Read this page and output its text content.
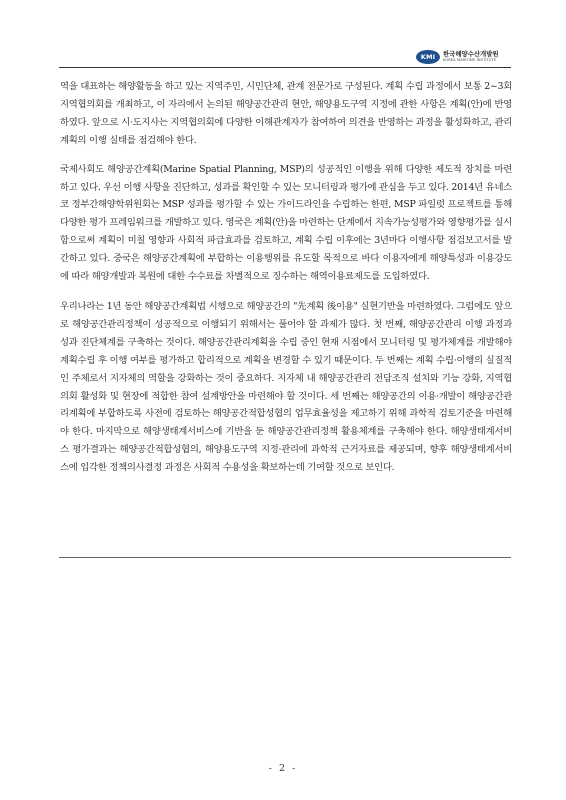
KMI	한국해양수산개발원
KOREA MARITIME INSTITUTE

역을 대표하는 해양활동을 하고 있는 지역주민, 시민단체, 관계 전문가로 구성된다. 계획 수립 과정에서 보통 2~3회 지역협의회를 개최하고, 이 자리에서 논의된 해양공간관리 현안, 해양용도구역 지정에 관한 사항은 계획(안)에 반영하였다. 앞으로 시·도지사는 지역협의회에 다양한 이해관계자가 참여하여 의견을 반영하는 과정을 활성화하고, 관리계획의 이행 실태를 점검해야 한다.

국제사회도 해양공간계획(Marine Spatial Planning, MSP)의 성공적인 이행을 위해 다양한 제도적 장치를 마련하고 있다. 우선 이행 사항을 진단하고, 성과를 확인할 수 있는 모니터링과 평가에 관심을 두고 있다. 2014년 유네스코 정부간해양학위원회는 MSP 성과를 평가할 수 있는 가이드라인을 수립하는 한편, MSP 파일럿 프로젝트를 통해 다양한 평가 프레임워크를 개발하고 있다. 영국은 계획(안)을 마련하는 단계에서 지속가능성평가와 영향평가를 실시함으로써 계획이 미칠 영향과 사회적 파급효과를 검토하고, 계획 수립 이후에는 3년마다 이행사항 점검보고서를 발간하고 있다. 중국은 해양공간계획에 부합하는 이용행위를 유도할 목적으로 바다 이용자에게 해양특성과 이용강도에 따라 해양개발과 복원에 대한 수수료를 차별적으로 징수하는 해역이용료제도를 도입하였다.

우리나라는 1년 동안 해양공간계획법 시행으로 해양공간의 "先계획 後이용" 실현기반을 마련하였다. 그럼에도 앞으로 해양공간관리정책이 성공적으로 이행되기 위해서는 풀어야 할 과제가 많다. 첫 번째, 해양공간관리 이행 과정과 성과 진단체계를 구축하는 것이다. 해양공간관리계획을 수립 중인 현재 시점에서 모니터링 및 평가체계를 개발해야 계획수립 후 이행 여부를 평가하고 합리적으로 계획을 변경할 수 있기 때문이다. 두 번째는 계획 수립·이행의 실질적인 주체로서 지자체의 역할을 강화하는 것이 중요하다. 지자체 내 해양공간관리 전담조직 설치와 기능 강화, 지역협의회 활성화 및 현장에 적합한 참여 설계방안을 마련해야 할 것이다. 세 번째는 해양공간의 이용·개발이 해양공간관리계획에 부합하도록 사전에 검토하는 해양공간적합성협의 업무효율성을 제고하기 위해 과학적 검토기준을 마련해야 한다. 마지막으로 해양생태계서비스에 기반을 둔 해양공간관리정책 활용체계를 구축해야 한다. 해양생태계서비스 평가결과는 해양공간적합성협의, 해양용도구역 지정·관리에 과학적 근거자료를 제공되며, 향후 해양생태계서비스에 입각한 정책의사결정 과정은 사회적 수용성을 확보하는데 기여할 것으로 보인다.

- 2 -
